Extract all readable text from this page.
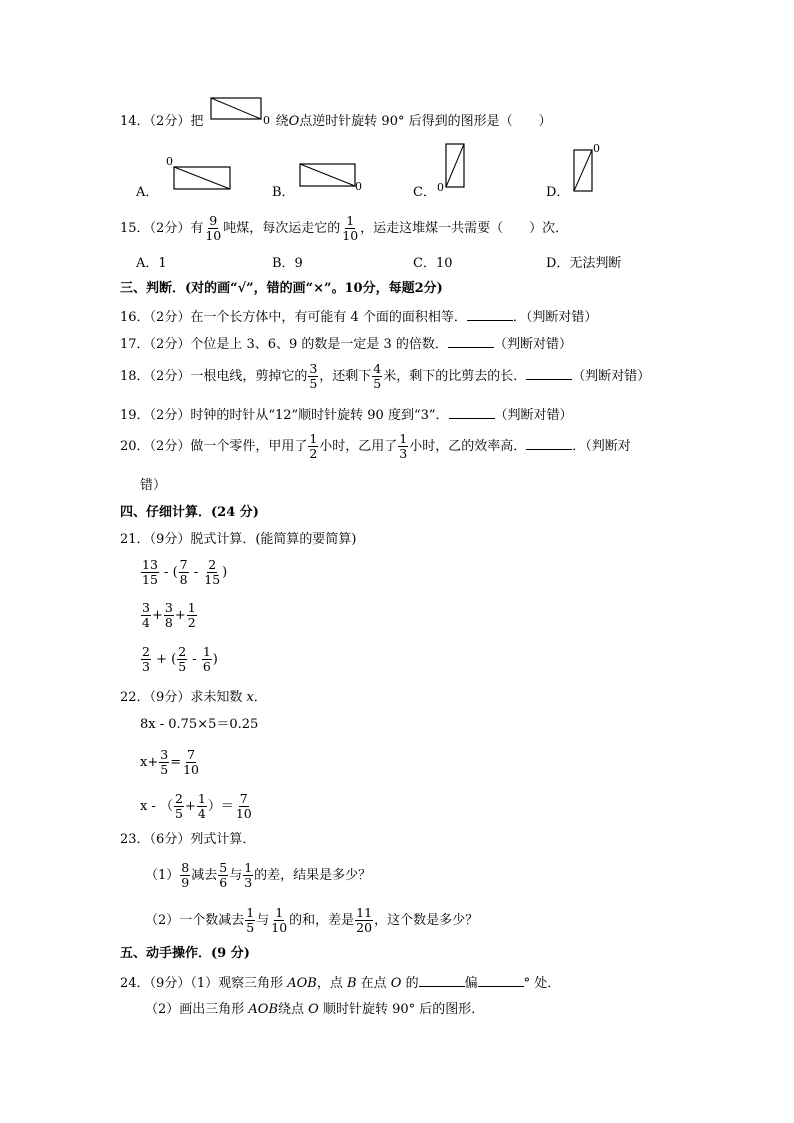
14．（2分）把	绕O点逆时针旋转 90° 后得到的图形是（　　）
0
A．
0
B．	0	C． 0	D．
0
15．（2分）有 $\frac{9}{10}$ 吨煤，每次运走它的 $\frac{1}{10}$ ，运走这堆煤一共需要（　　）次．
A．1	B．9	C．10	D．无法判断
三、判断．(对的画“√”，错的画“×”。10分，每题2分)
16．（2分）在一个长方体中，有可能有 4 个面的面积相等．	．（判断对错）
17．（2分）个位是上 3、6、9 的数是一定是 3 的倍数．	（判断对错）
18．（2分）一根电线，剪掉它的 $\frac{3}{5}$ ，还剩下 $\frac{4}{5}$ 米，剩下的比剪去的长．	（判断对错）
19．（2分）时钟的时针从“12”顺时针旋转 90 度到“3”．	（判断对错）
20．（2分）做一个零件，甲用了 $\frac{1}{2}$ 小时，乙用了 $\frac{1}{3}$ 小时，乙的效率高．	．（判断对
错）
四、仔细计算．(24 分)
21．（9分）脱式计算．(能简算的要简算)
$\frac{13}{15}$ - ( $\frac{7}{8} - \frac{2}{15}$ )
$\frac{3}{4} + \frac{3}{8} + \frac{1}{2}$
$\frac{2}{3}$ + ( $\frac{2}{5} - \frac{1}{6}$ )
22．（9分）求未知数 x．
8x - 0.75×5＝0.25
$x+ \frac{3}{5} = \frac{7}{10}$
x - （ $\frac{2}{5} + \frac{1}{4}$ ）＝ $\frac{7}{10}$
23．（6分）列式计算．
$(1) \frac{8}{9}$ 减去 $\frac{5}{6}$ 与 $\frac{1}{3}$ 的差，结果是多少？
（2）一个数减去 $\frac{1}{5}$ 与 $\frac{1}{10}$ 的和，差是 $\frac{11}{20}$ ，这个数是多少？
五、动手操作．(9 分)
24．（9分）（1）观察三角形 AOB，点 B 在点 O 的	偏	° 处．
（2）画出三角形 AOB绕点 O 顺时针旋转 90° 后的图形．
